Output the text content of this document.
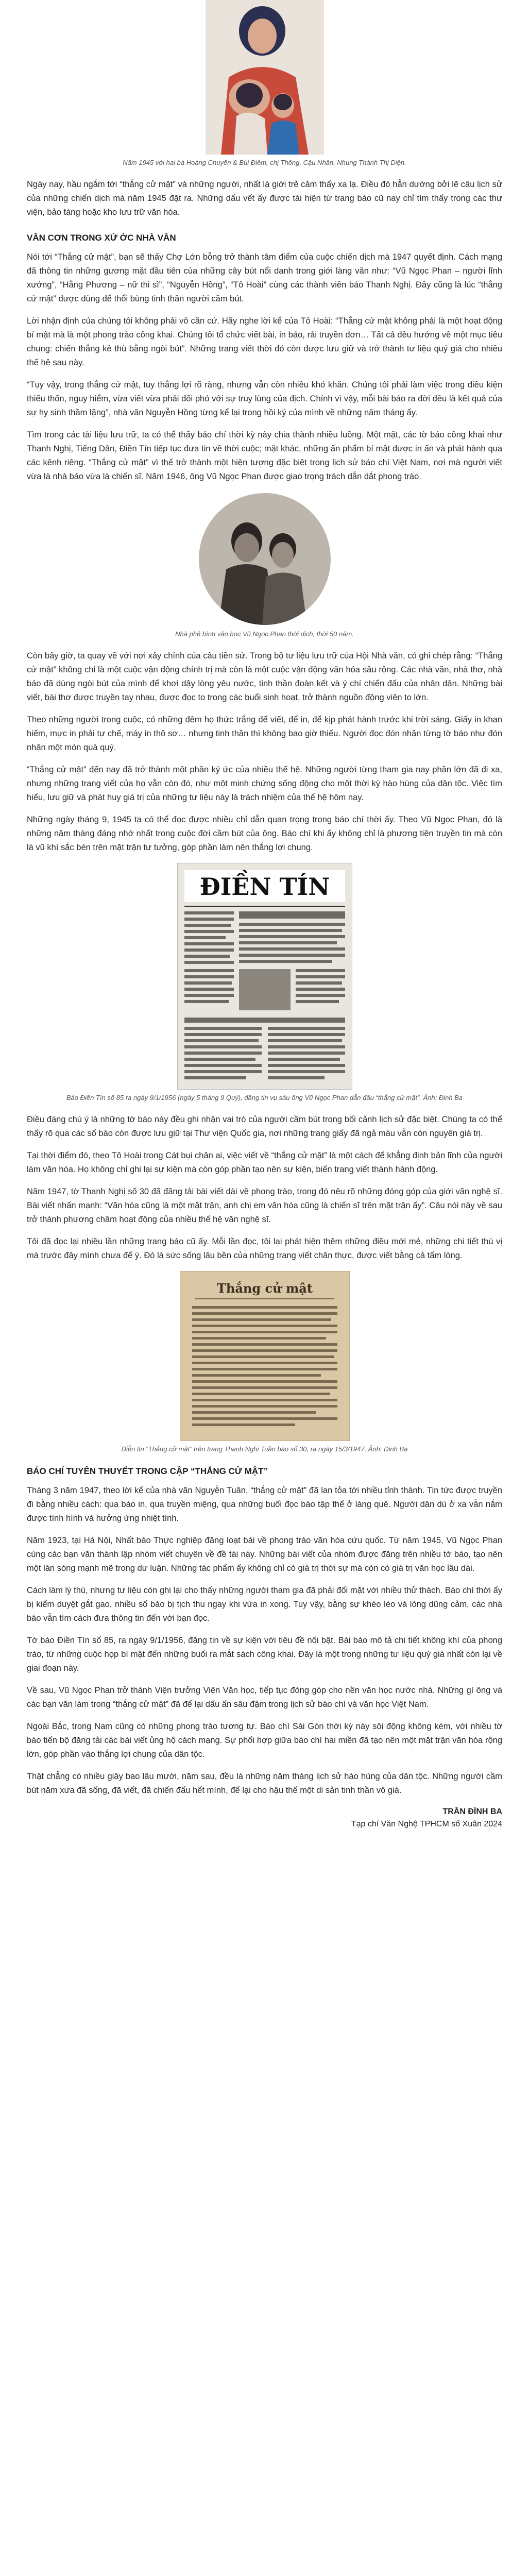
Năm 1945 với hai bà Hoàng Chuyên & Bùi Điềm, chị Thông, Cậu Nhân, Nhung Thành Thị Diện.

Ngày nay, hầu ngắm tới “thắng cử mật” và những người, nhất là giới trẻ cảm thấy xa lạ. Điều đó hẳn dường bởi lẽ câu lịch sử của những chiến dịch mà năm 1945 đặt ra. Những dấu vết ấy được tái hiện từ trang báo cũ nay chỉ tìm thấy trong các thư viện, bảo tàng hoặc kho lưu trữ văn hóa.

VẦN CƠN TRONG XỬ ỚC NHÀ VẦN

Nói tới “Thắng cử mật”, bạn sẽ thấy Chợ Lớn bỗng trở thành tâm điểm của cuộc chiến dịch mà 1947 quyết định. Cách mạng đã thông tin những gương mặt đầu tiên của những cây bút nổi danh trong giới làng văn như: “Vũ Ngọc Phan – người lĩnh xướng”, “Hằng Phương – nữ thi sĩ”, “Nguyễn Hồng”, “Tô Hoài” cùng các thành viên báo Thanh Nghị. Đây cũng là lúc “thắng cử mật” được dùng để thổi bùng tinh thần người cầm bút.

Lời nhận định của chúng tôi không phải vô căn cứ. Hãy nghe lời kể của Tô Hoài: “Thắng cử mật không phải là một hoạt động bí mật mà là một phong trào công khai. Chúng tôi tổ chức viết bài, in báo, rải truyền đơn… Tất cả đều hướng về một mục tiêu chung: chiến thắng kẻ thù bằng ngòi bút”. Những trang viết thời đó còn được lưu giữ và trở thành tư liệu quý giá cho nhiều thế hệ sau này.

“Tụy vậy, trong thắng cử mật, tuy thắng lợi rõ ràng, nhưng vẫn còn nhiều khó khăn. Chúng tôi phải làm việc trong điều kiện thiếu thốn, nguy hiểm, vừa viết vừa phải đối phó với sự truy lùng của địch. Chính vì vậy, mỗi bài báo ra đời đều là kết quả của sự hy sinh thầm lặng”, nhà văn Nguyễn Hồng từng kể lại trong hồi ký của mình về những năm tháng ấy.

Tìm trong các tài liệu lưu trữ, ta có thể thấy báo chí thời kỳ này chia thành nhiều luồng. Một mặt, các tờ báo công khai như Thanh Nghị, Tiếng Dân, Điền Tín tiếp tục đưa tin về thời cuộc; mặt khác, những ấn phẩm bí mật được in ấn và phát hành qua các kênh riêng. “Thắng cử mật” vì thế trở thành một hiện tượng đặc biệt trong lịch sử báo chí Việt Nam, nơi mà người viết vừa là nhà báo vừa là chiến sĩ. Năm 1946, ông Vũ Ngọc Phan được giao trọng trách dẫn dắt phong trào.

Nhà phê bình văn học Vũ Ngọc Phan thời dịch, thời 50 năm.

Còn bây giờ, ta quay về với nơi xảy chính của câu tiền sử. Trong bộ tư liệu lưu trữ của Hội Nhà văn, có ghi chép rằng: “Thắng cử mật” không chỉ là một cuộc vận động chính trị mà còn là một cuộc vận động văn hóa sâu rộng. Các nhà văn, nhà thơ, nhà báo đã dùng ngòi bút của mình để khơi dậy lòng yêu nước, tinh thần đoàn kết và ý chí chiến đấu của nhân dân. Những bài viết, bài thơ được truyền tay nhau, được đọc to trong các buổi sinh hoạt, trở thành nguồn động viên to lớn.

Theo những người trong cuộc, có những đêm họ thức trắng để viết, để in, để kịp phát hành trước khi trời sáng. Giấy in khan hiếm, mực in phải tự chế, máy in thô sơ… nhưng tinh thần thì không bao giờ thiếu. Người đọc đón nhận từng tờ báo như đón nhận một món quà quý.

“Thắng cử mật” đến nay đã trở thành một phần ký ức của nhiều thế hệ. Những người từng tham gia nay phần lớn đã đi xa, nhưng những trang viết của họ vẫn còn đó, như một minh chứng sống động cho một thời kỳ hào hùng của dân tộc. Việc tìm hiểu, lưu giữ và phát huy giá trị của những tư liệu này là trách nhiệm của thế hệ hôm nay.

Những ngày tháng 9, 1945 ta có thể đọc được nhiều chỉ dẫn quan trọng trong báo chí thời ấy. Theo Vũ Ngọc Phan, đó là những năm tháng đáng nhớ nhất trong cuộc đời cầm bút của ông. Báo chí khi ấy không chỉ là phương tiện truyền tin mà còn là vũ khí sắc bén trên mặt trận tư tưởng, góp phần làm nên thắng lợi chung.

ĐIỀN TÍN
Báo Điền Tín số 85 ra ngày 9/1/1956 (ngày 5 tháng 9 Quý), đăng tin vụ sáu ông Vũ Ngọc Phan dẫn đầu “thắng cử mật”. Ảnh: Đinh Ba

Điều đáng chú ý là những tờ báo này đều ghi nhận vai trò của người cầm bút trong bối cảnh lịch sử đặc biệt. Chúng ta có thể thấy rõ qua các số báo còn được lưu giữ tại Thư viện Quốc gia, nơi những trang giấy đã ngả màu vẫn còn nguyên giá trị.

Tại thời điểm đó, theo Tô Hoài trong Cát bụi chân ai, việc viết về “thắng cử mật” là một cách để khẳng định bản lĩnh của người làm văn hóa. Họ không chỉ ghi lại sự kiện mà còn góp phần tạo nên sự kiện, biến trang viết thành hành động.

Năm 1947, tờ Thanh Nghị số 30 đã đăng tải bài viết dài về phong trào, trong đó nêu rõ những đóng góp của giới văn nghệ sĩ. Bài viết nhấn mạnh: “Văn hóa cũng là một mặt trận, anh chị em văn hóa cũng là chiến sĩ trên mặt trận ấy”. Câu nói này về sau trở thành phương châm hoạt động của nhiều thế hệ văn nghệ sĩ.

Tôi đã đọc lại nhiều lần những trang báo cũ ấy. Mỗi lần đọc, tôi lại phát hiện thêm những điều mới mẻ, những chi tiết thú vị mà trước đây mình chưa để ý. Đó là sức sống lâu bền của những trang viết chân thực, được viết bằng cả tấm lòng.

Thắng cử mật
Diễn tin “Thắng cử mật” trên trang Thanh Nghị Tuần báo số 30, ra ngày 15/3/1947. Ảnh: Đinh Ba
BÁO CHÍ TUYÊN THUYẾT TRONG CẬP “THẮNG CỬ MẬT”

Tháng 3 năm 1947, theo lời kể của nhà văn Nguyễn Tuân, “thắng cử mật” đã lan tỏa tới nhiều tỉnh thành. Tin tức được truyền đi bằng nhiều cách: qua báo in, qua truyền miệng, qua những buổi đọc báo tập thể ở làng quê. Người dân dù ở xa vẫn nắm được tình hình và hưởng ứng nhiệt tình.

Năm 1923, tại Hà Nội, Nhất báo Thực nghiệp đăng loạt bài về phong trào văn hóa cứu quốc. Từ năm 1945, Vũ Ngọc Phan cùng các bạn văn thành lập nhóm viết chuyên về đề tài này. Những bài viết của nhóm được đăng trên nhiều tờ báo, tạo nên một làn sóng mạnh mẽ trong dư luận. Những tác phẩm ấy không chỉ có giá trị thời sự mà còn có giá trị văn học lâu dài.

Cách làm lý thú, nhưng tư liệu còn ghi lại cho thấy những người tham gia đã phải đối mặt với nhiều thử thách. Báo chí thời ấy bị kiểm duyệt gắt gao, nhiều số báo bị tịch thu ngay khi vừa in xong. Tuy vậy, bằng sự khéo léo và lòng dũng cảm, các nhà báo vẫn tìm cách đưa thông tin đến với bạn đọc.

Tờ báo Điền Tín số 85, ra ngày 9/1/1956, đăng tin về sự kiện với tiêu đề nổi bật. Bài báo mô tả chi tiết không khí của phong trào, từ những cuộc họp bí mật đến những buổi ra mắt sách công khai. Đây là một trong những tư liệu quý giá nhất còn lại về giai đoạn này.

Về sau, Vũ Ngọc Phan trở thành Viện trưởng Viện Văn học, tiếp tục đóng góp cho nền văn học nước nhà. Những gì ông và các bạn văn làm trong “thắng cử mật” đã để lại dấu ấn sâu đậm trong lịch sử báo chí và văn học Việt Nam.

Ngoài Bắc, trong Nam cũng có những phong trào tương tự. Báo chí Sài Gòn thời kỳ này sôi động không kém, với nhiều tờ báo tiến bộ đăng tải các bài viết ủng hộ cách mạng. Sự phối hợp giữa báo chí hai miền đã tạo nên một mặt trận văn hóa rộng lớn, góp phần vào thắng lợi chung của dân tộc.

Thật chẳng có nhiều giây bao lâu mười, năm sau, đều là những năm tháng lịch sử hào hùng của dân tộc. Những người cầm bút năm xưa đã sống, đã viết, đã chiến đấu hết mình, để lại cho hậu thế một di sản tinh thần vô giá.

TRẦN ĐÌNH BA
Tạp chí Văn Nghệ TPHCM số Xuân 2024
